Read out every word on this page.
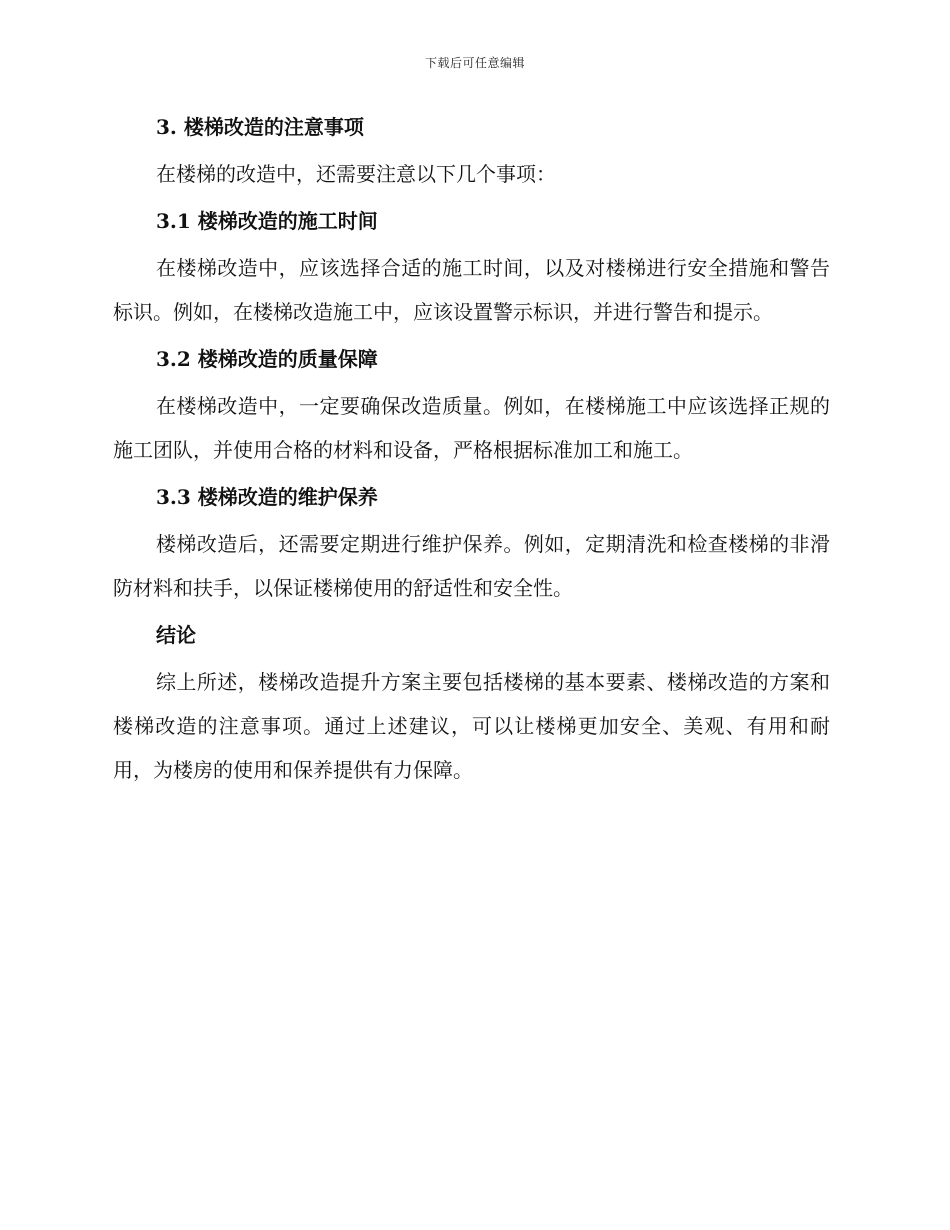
下载后可任意编辑
3. 楼梯改造的注意事项

在楼梯的改造中，还需要注意以下几个事项：

3.1 楼梯改造的施工时间

在楼梯改造中，应该选择合适的施工时间，以及对楼梯进行安全措施和警告标识。例如，在楼梯改造施工中，应该设置警示标识，并进行警告和提示。

3.2 楼梯改造的质量保障

在楼梯改造中，一定要确保改造质量。例如，在楼梯施工中应该选择正规的施工团队，并使用合格的材料和设备，严格根据标准加工和施工。

3.3 楼梯改造的维护保养

楼梯改造后，还需要定期进行维护保养。例如，定期清洗和检查楼梯的非滑防材料和扶手，以保证楼梯使用的舒适性和安全性。

结论

综上所述，楼梯改造提升方案主要包括楼梯的基本要素、楼梯改造的方案和楼梯改造的注意事项。通过上述建议，可以让楼梯更加安全、美观、有用和耐用，为楼房的使用和保养提供有力保障。
